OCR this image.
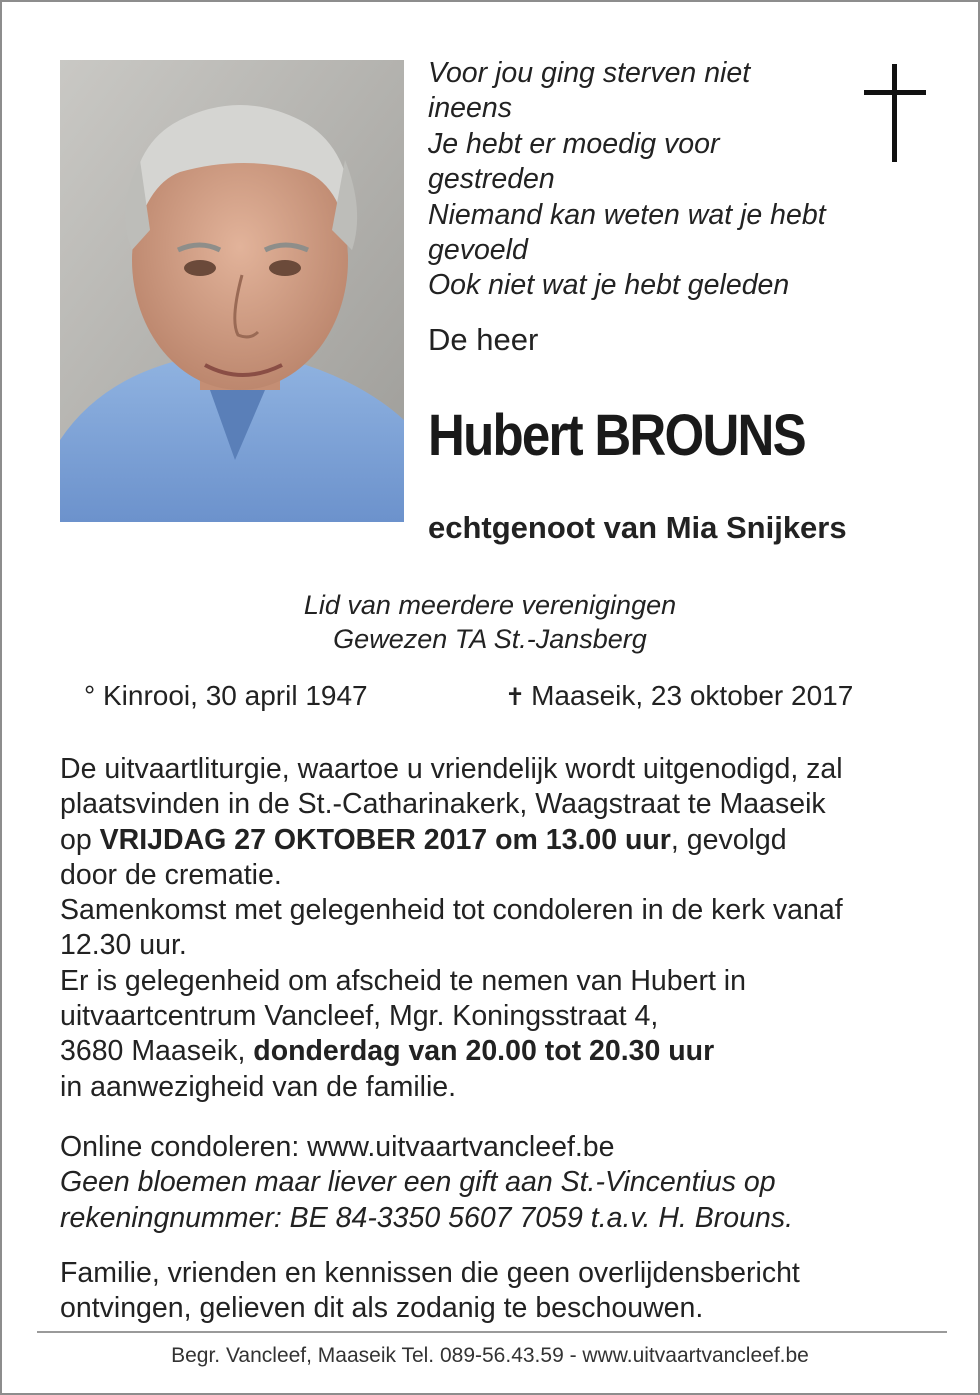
Voor jou ging sterven niet
ineens
Je hebt er moedig voor
gestreden
Niemand kan weten wat je hebt
gevoeld
Ook niet wat je hebt geleden
De heer
Hubert BROUNS
echtgenoot van Mia Snijkers
Lid van meerdere verenigingen
Gewezen TA St.-Jansberg
° Kinrooi, 30 april 1947	✝ Maaseik, 23 oktober 2017
De uitvaartliturgie, waartoe u vriendelijk wordt uitgenodigd, zal
plaatsvinden in de St.-Catharinakerk, Waagstraat te Maaseik
op VRIJDAG 27 OKTOBER 2017 om 13.00 uur, gevolgd
door de crematie.
Samenkomst met gelegenheid tot condoleren in de kerk vanaf
12.30 uur.
Er is gelegenheid om afscheid te nemen van Hubert in
uitvaartcentrum Vancleef, Mgr. Koningsstraat 4,
3680 Maaseik, donderdag van 20.00 tot 20.30 uur
in aanwezigheid van de familie.
Online condoleren: www.uitvaartvancleef.be
Geen bloemen maar liever een gift aan St.-Vincentius op
rekeningnummer: BE 84-3350 5607 7059 t.a.v. H. Brouns.
Familie, vrienden en kennissen die geen overlijdensbericht
ontvingen, gelieven dit als zodanig te beschouwen.
Begr. Vancleef, Maaseik Tel. 089-56.43.59 - www.uitvaartvancleef.be
